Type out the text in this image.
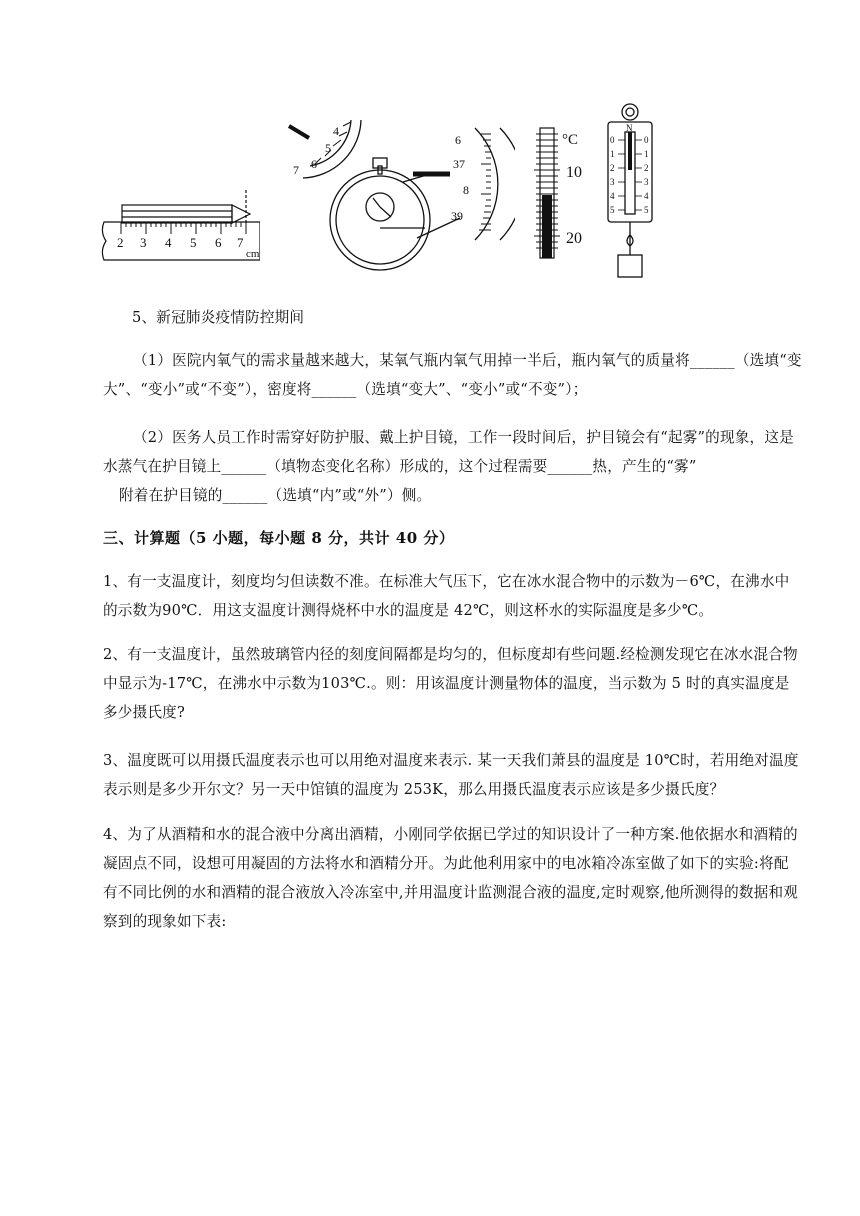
2 3 4 5 6 7
cm
4
5
6
7
6
37
8
39
°C
10
20
N
0
1
2
3
4
5
0
1
2
3
4
5

5、新冠肺炎疫情防控期间

（1）医院内氧气的需求量越来越大，某氧气瓶内氧气用掉一半后，瓶内氧气的质量将______（选填“变大”、“变小”或“不变”），密度将______（选填“变大”、“变小”或“不变”）；

（2）医务人员工作时需穿好防护服、戴上护目镜，工作一段时间后，护目镜会有“起雾”的现象，这是水蒸气在护目镜上______（填物态变化名称）形成的，这个过程需要______热，产生的“雾”
附着在护目镜的______（选填“内”或“外”）侧。

三、计算题（5 小题，每小题 8 分，共计 40 分）

1、有一支温度计，刻度均匀但读数不准。在标准大气压下，它在冰水混合物中的示数为－6℃，在沸水中的示数为90℃．用这支温度计测得烧杯中水的温度是 42℃，则这杯水的实际温度是多少℃。

2、有一支温度计，虽然玻璃管内径的刻度间隔都是均匀的，但标度却有些问题.经检测发现它在冰水混合物中显示为-17℃，在沸水中示数为103℃.。则：用该温度计测量物体的温度，当示数为 5 时的真实温度是多少摄氏度?

3、温度既可以用摄氏温度表示也可以用绝对温度来表示. 某一天我们萧县的温度是 10℃时，若用绝对温度表示则是多少开尔文？另一天中馆镇的温度为 253K，那么用摄氏温度表示应该是多少摄氏度？

4、为了从酒精和水的混合液中分离出酒精，小刚同学依据已学过的知识设计了一种方案.他依据水和酒精的凝固点不同，设想可用凝固的方法将水和酒精分开。为此他利用家中的电冰箱冷冻室做了如下的实验:将配有不同比例的水和酒精的混合液放入冷冻室中,并用温度计监测混合液的温度,定时观察,他所测得的数据和观察到的现象如下表:
